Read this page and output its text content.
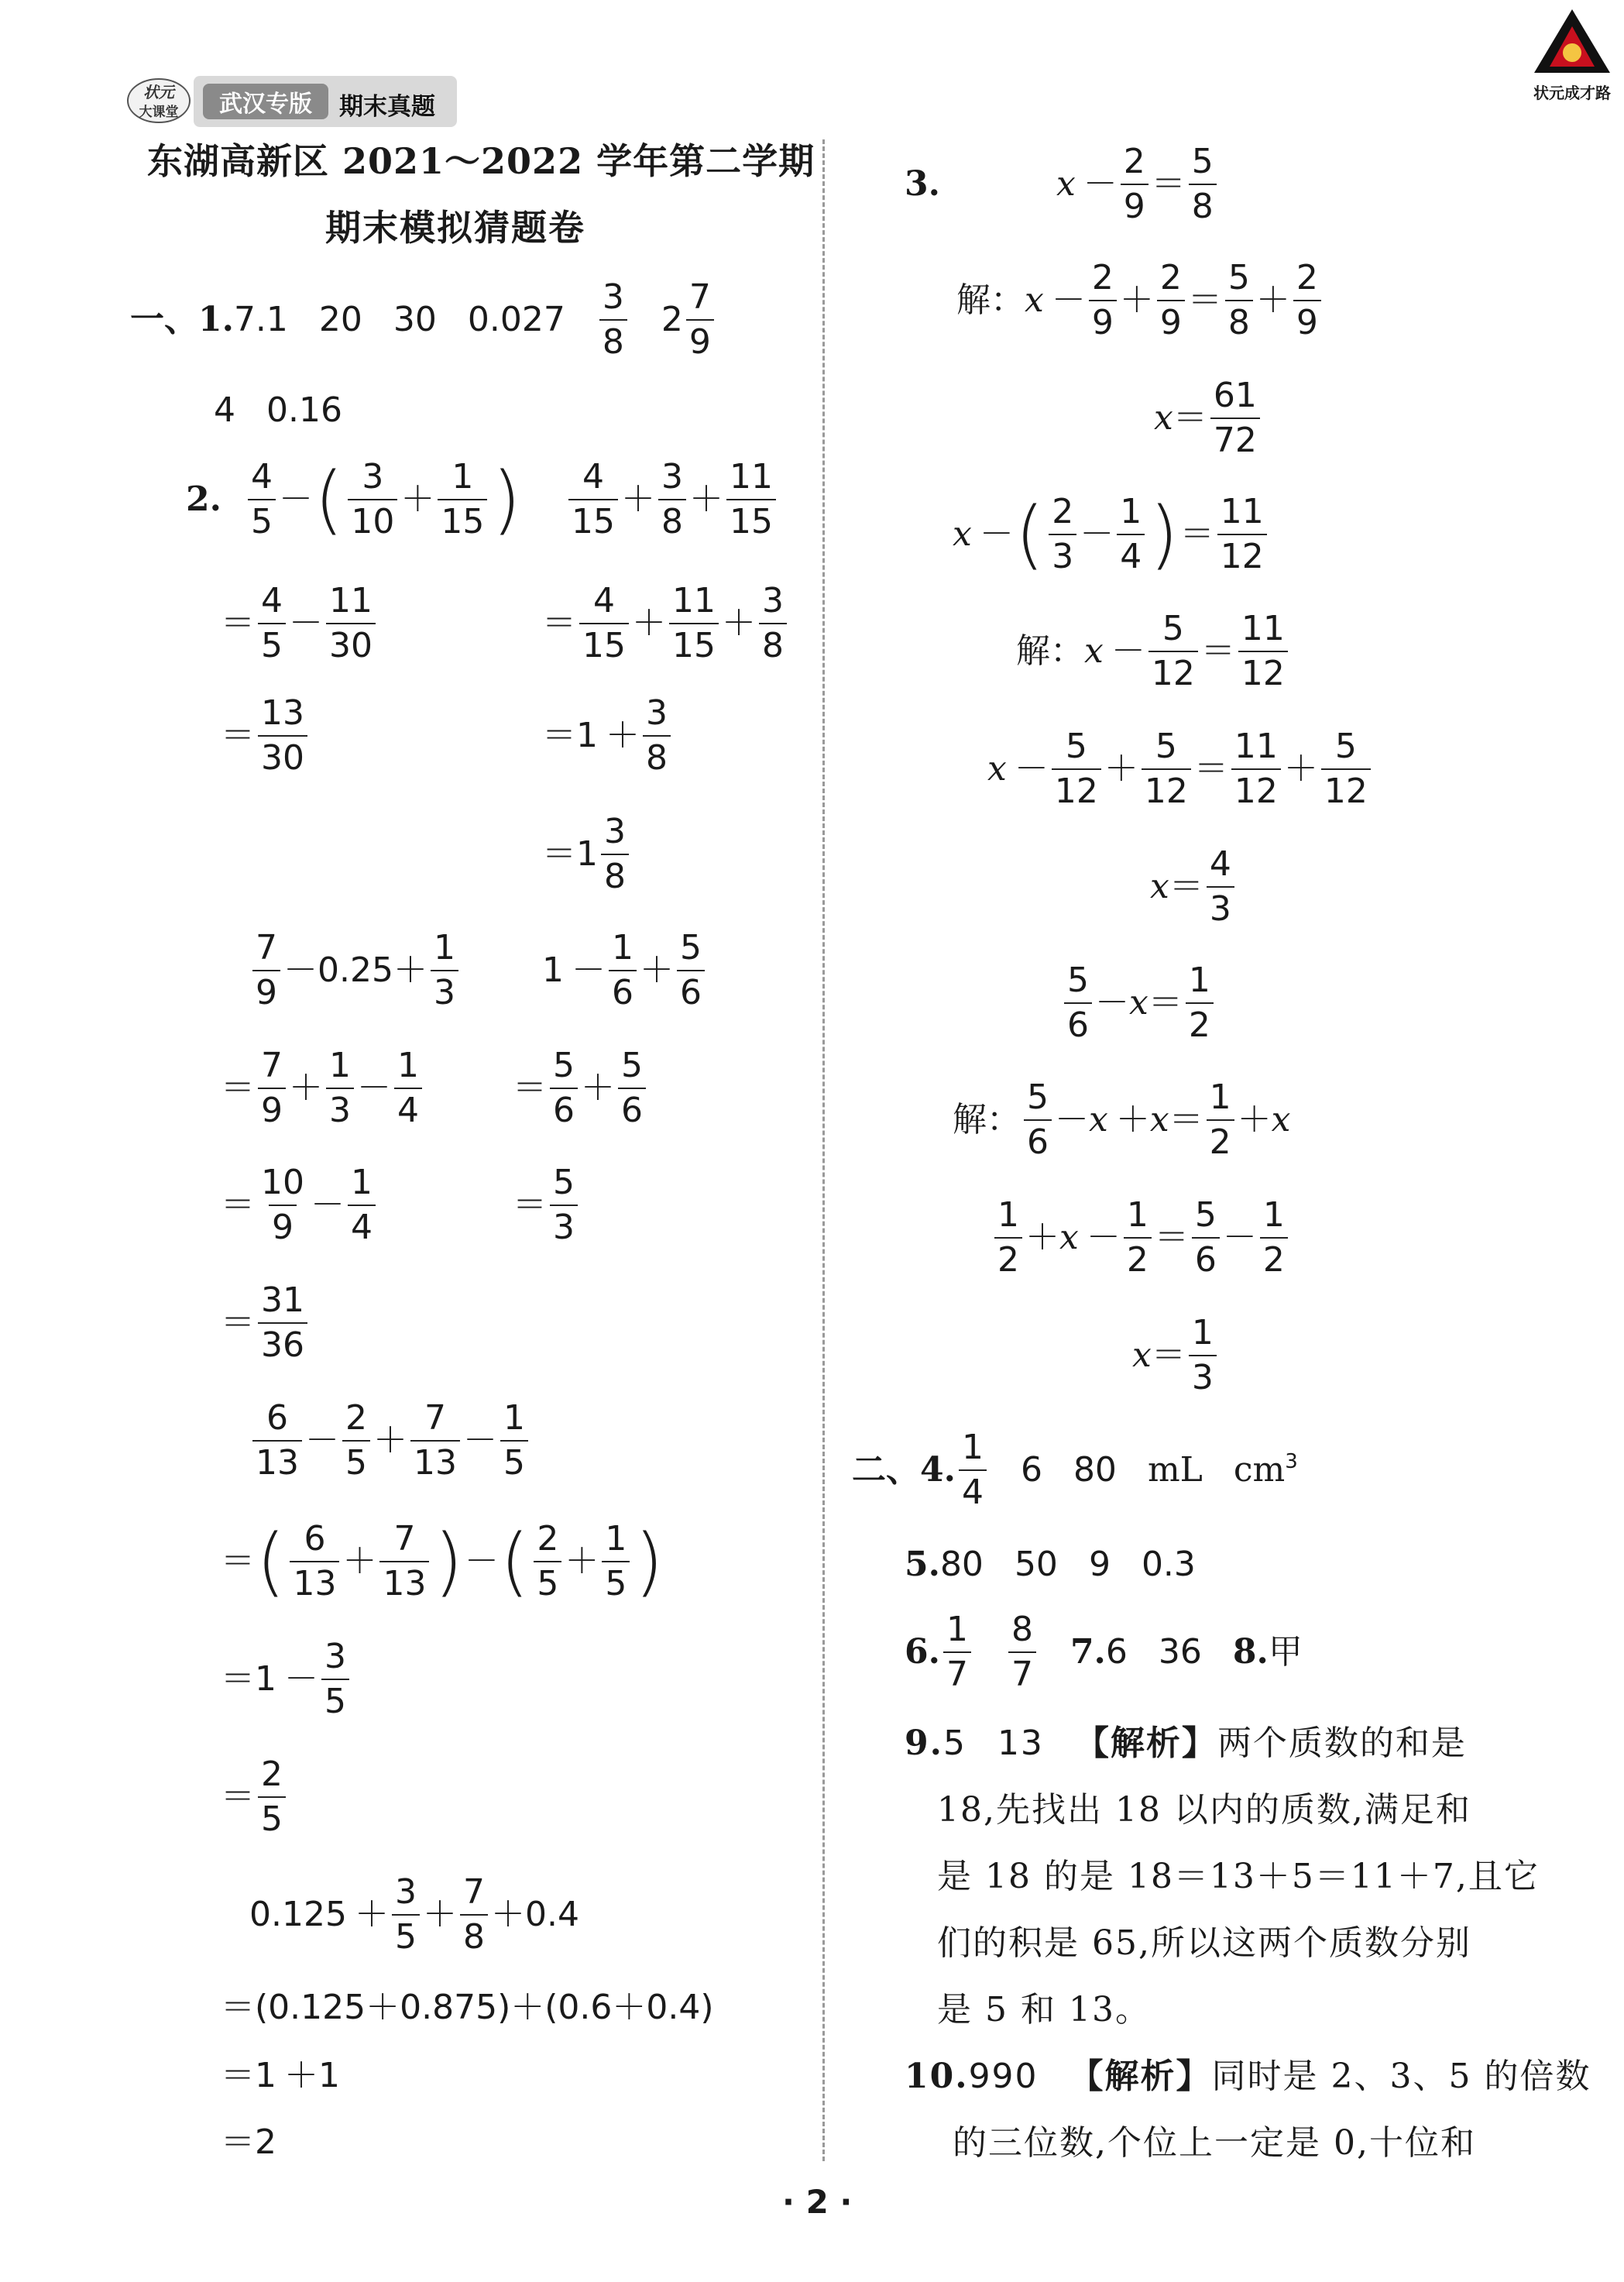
状元
大课堂 武汉专版 期末真题	状元成才路
东湖高新区 2021～2022 学年第二学期
期末模拟猜题卷
一、1. 7.1 20 30 0.027
3
8
2
7
9
4 0.16
2.
4
5
－ ( 3
10
＋
1
15 )
＝
4
5
－
11
30
＝
13
30
4
15
＋
3
8
＋
11
15
＝
4
15
＋
11
15
＋
3
8
＝1 ＋
3
8
＝1
3
8
7
9
－0.25＋
1
3
＝
7
9
＋
1
3
－
1
4
＝
10
9
－
1
4
＝
31
36
1 －
1
6
＋
5
6
＝
5
6
＋
5
6
＝
5
3
6
13
－
2
5
＋
7
13
－
1
5
＝ ( 6
13
＋
7
13 ) － ( 2
5
＋
1
5 )
＝1 －
3
5
＝
2
5
0.125 ＋
3
5
＋
7
8
＋0.4
＝(0.125＋0.875)＋(0.6＋0.4)
＝1 ＋1
＝2
3.	x －
2
9
＝
5
8
解： x －
2
9
＋
2
9
＝
5
8
＋
2
9
x ＝
61
72
x － ( 2
3
－
1
4 ) ＝
11
12
解： x －
5
12
＝
11
12
x －
5
12
＋
5
12
＝
11
12
＋
5
12
x ＝
4
3
5
6
－ x ＝
1
2
解：
5
6
－ x ＋ x ＝
1
2
＋ x
1
2
＋ x －
1
2
＝
5
6
－
1
2
x ＝
1
3
二、4.
1
4
6 80 mL $cm^3$
5. 80 50 9 0.3
6.
1
7
8
7
7. 6 36 8. 甲
9.5 13 【解析】两个质数的和是
18,先找出 18 以内的质数,满足和
是 18 的是 18＝13＋5＝11＋7,且它
们的积是 65,所以这两个质数分别
是 5 和 13。
10.990 【解析】同时是 2、3、5 的倍数
的三位数,个位上一定是 0,十位和
· 2 ·
